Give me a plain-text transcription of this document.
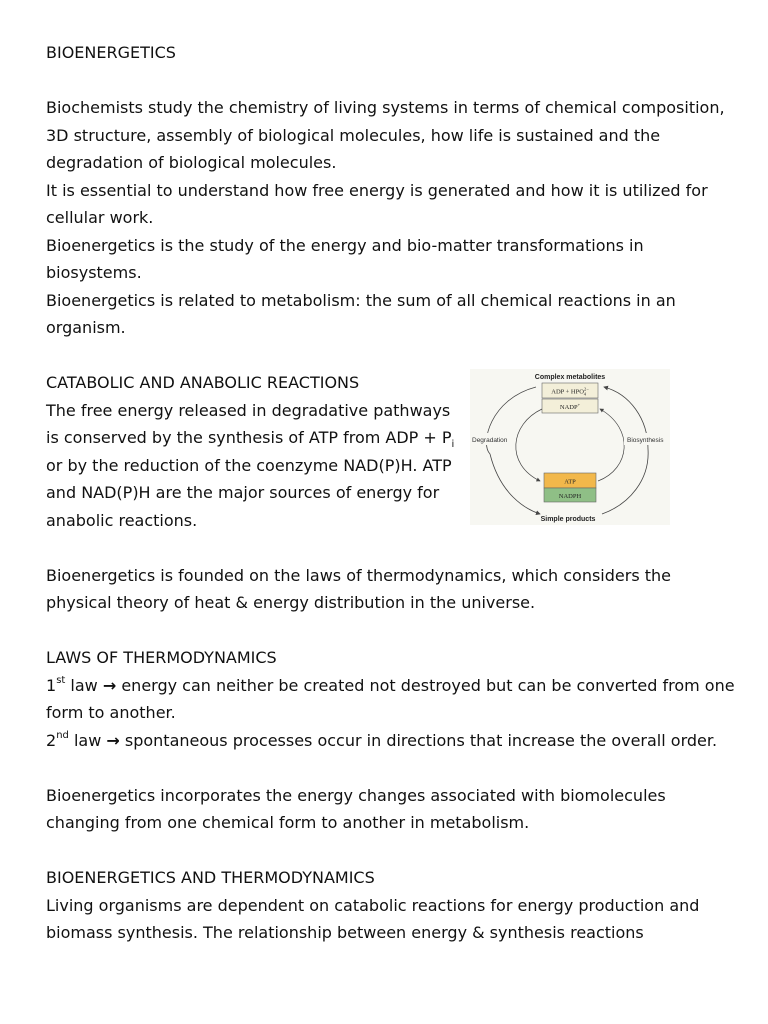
BIOENERGETICS

Biochemists study the chemistry of living systems in terms of chemical composition, 3D structure, assembly of biological molecules, how life is sustained and the degradation of biological molecules.

It is essential to understand how free energy is generated and how it is utilized for cellular work.

Bioenergetics is the study of the energy and bio-matter transformations in biosystems.

Bioenergetics is related to metabolism: the sum of all chemical reactions in an organism.

CATABOLIC AND ANABOLIC REACTIONS

The free energy released in degradative pathways is conserved by the synthesis of ATP from ADP + $P_i$ or by the reduction of the coenzyme NAD(P)H. ATP and NAD(P)H are the major sources of energy for anabolic reactions.

Complex metabolites
ADP + $HPO^{2-}$ 4
NADP+
Degradation	Biosynthesis
ATP
NADPH
Simple products

Bioenergetics is founded on the laws of thermodynamics, which considers the physical theory of heat & energy distribution in the universe.

LAWS OF THERMODYNAMICS

1st law → energy can neither be created not destroyed but can be converted from one form to another.

2nd law → spontaneous processes occur in directions that increase the overall order.

Bioenergetics incorporates the energy changes associated with biomolecules changing from one chemical form to another in metabolism.

BIOENERGETICS AND THERMODYNAMICS

Living organisms are dependent on catabolic reactions for energy production and biomass synthesis. The relationship between energy & synthesis reactions
